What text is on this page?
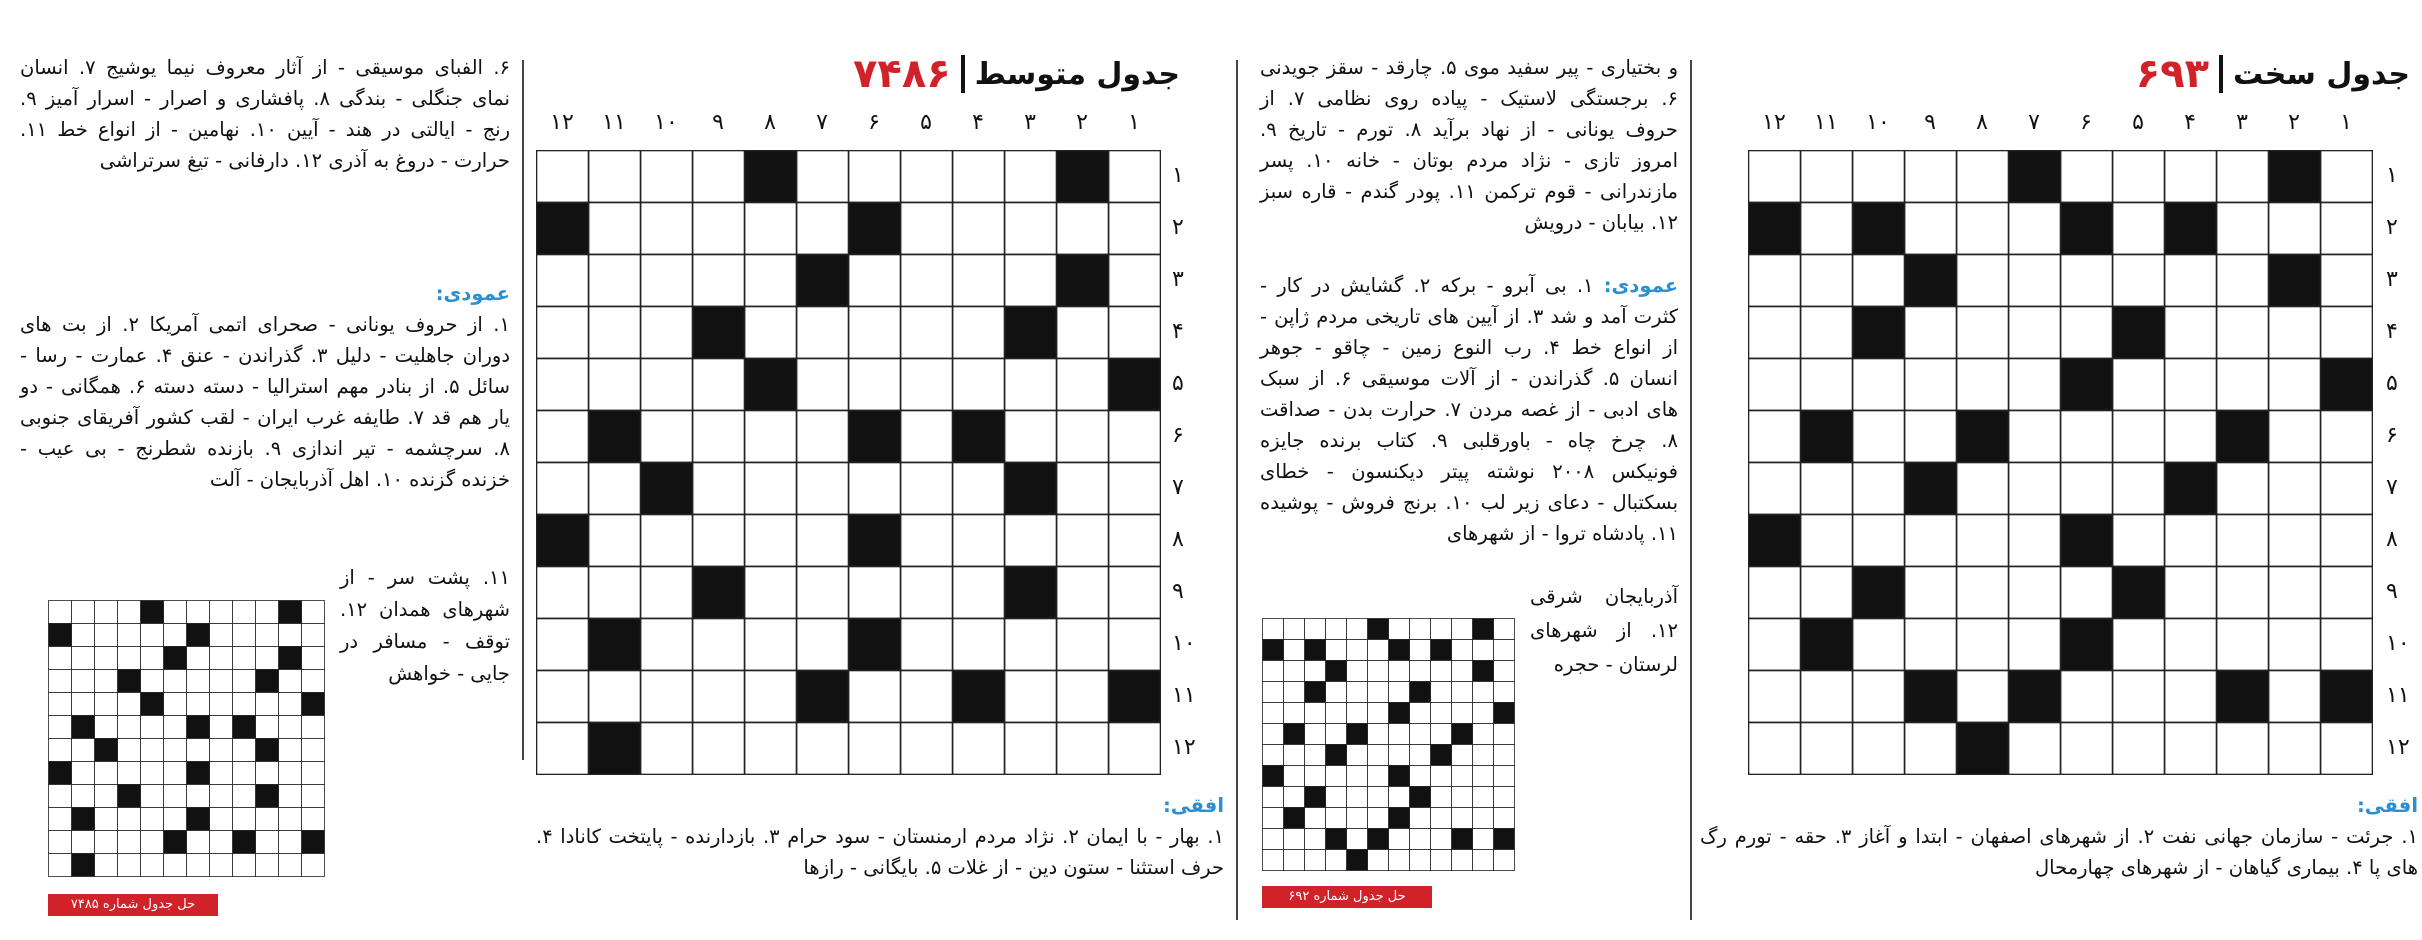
جدول سخت
۶۹۳
۱
۲
۳
۴
۵
۶
۷
۸
۹
۱۰
۱۱
۱۲
۱
۲
۳
۴
۵
۶
۷
۸
۹
۱۰
۱۱
۱۲
افقی:
۱. جرئت - سازمان جهانی نفت ۲. از شهرهای اصفهان - ابتدا و آغاز ۳. حقه - تورم رگ های پا ۴. بیماری گیاهان - از شهرهای چهارمحال
و بختیاری - پیر سفید موی ۵. چارقد - سقز جویدنی ۶. برجستگی لاستیک - پیاده روی نظامی ۷. از حروف یونانی - از نهاد برآید ۸. تورم - تاریخ ۹. امروز تازی - نژاد مردم بوتان - خانه ۱۰. پسر مازندرانی - قوم ترکمن ۱۱. پودر گندم - قاره سبز ۱۲. بیابان - درویش
عمودی: ۱. بی آبرو - برکه ۲. گشایش در کار - کثرت آمد و شد ۳. از آیین های تاریخی مردم ژاپن - از انواع خط ۴. رب النوع زمین - چاقو - جوهر انسان ۵. گذراندن - از آلات موسیقی ۶. از سبک های ادبی - از غصه مردن ۷. حرارت بدن - صداقت ۸. چرخ چاه - باورقلبی ۹. کتاب برنده جایزه فونیکس ۲۰۰۸ نوشته پیتر دیکنسون - خطای بسکتبال - دعای زیر لب ۱۰. برنج فروش - پوشیده ۱۱. پادشاه تروا - از شهرهای
آذربایجان شرقی ۱۲. از شهرهای لرستان - حجره
حل جدول شماره ۶۹۲
جدول متوسط
۷۴۸۶
۱
۲
۳
۴
۵
۶
۷
۸
۹
۱۰
۱۱
۱۲
۱
۲
۳
۴
۵
۶
۷
۸
۹
۱۰
۱۱
۱۲
افقی:
۱. بهار - با ایمان ۲. نژاد مردم ارمنستان - سود حرام ۳. بازدارنده - پایتخت کانادا ۴. حرف استثنا - ستون دین - از غلات ۵. بایگانی - رازها
۶. الفبای موسیقی - از آثار معروف نیما یوشیج ۷. انسان نمای جنگلی - بندگی ۸. پافشاری و اصرار - اسرار آمیز ۹. رنج - ایالتی در هند - آیین ۱۰. نهامین - از انواع خط ۱۱. حرارت - دروغ به آذری ۱۲. دارفانی - تیغ سرتراشی
عمودی:
۱. از حروف یونانی - صحرای اتمی آمریکا ۲. از بت های دوران جاهلیت - دلیل ۳. گذراندن - عنق ۴. عمارت - رسا - سائل ۵. از بنادر مهم استرالیا - دسته دسته ۶. همگانی - دو یار هم قد ۷. طایفه غرب ایران - لقب کشور آفریقای جنوبی ۸. سرچشمه - تیر اندازی ۹. بازنده شطرنج - بی عیب - خزنده گزنده ۱۰. اهل آذربایجان - آلت
۱۱. پشت سر - از شهرهای همدان ۱۲. توقف - مسافر در جایی - خواهش
حل جدول شماره ۷۴۸۵
